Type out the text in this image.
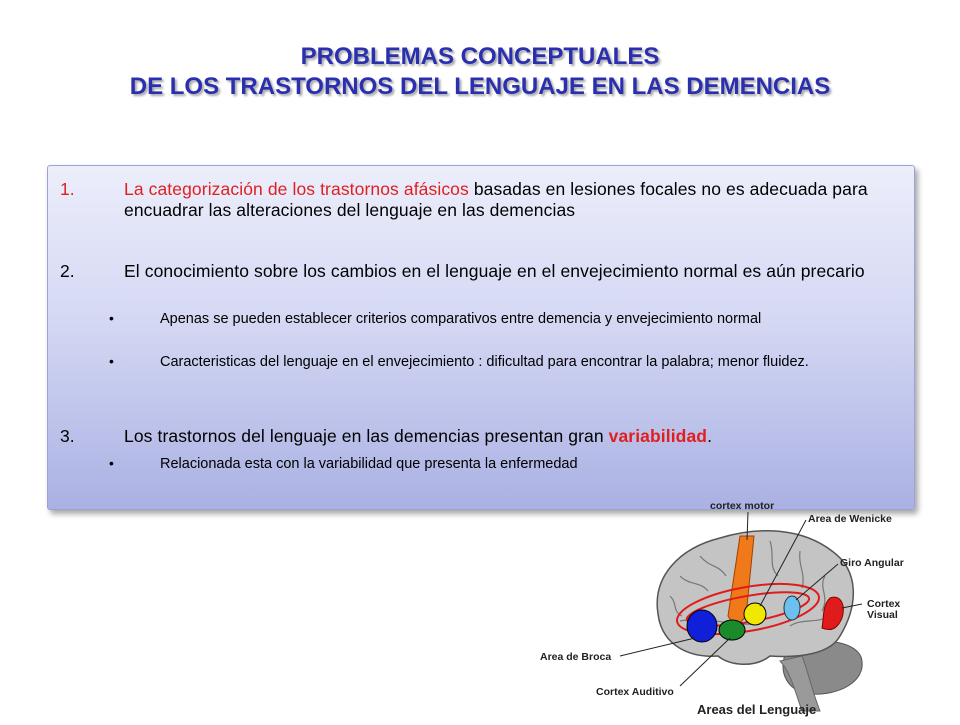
PROBLEMAS CONCEPTUALES
DE LOS TRASTORNOS DEL LENGUAJE EN LAS DEMENCIAS
1.	La categorización de los trastornos afásicos basadas en lesiones focales no es adecuada para encuadrar las alteraciones del lenguaje en las demencias
2.	El conocimiento sobre los cambios en el lenguaje en el envejecimiento normal es aún precario
•	Apenas se pueden establecer criterios comparativos entre demencia y envejecimiento normal
•	Caracteristicas del lenguaje en el envejecimiento : dificultad para encontrar la palabra; menor fluidez.
3.	Los trastornos del lenguaje en las demencias presentan gran variabilidad.
•	Relacionada esta con la variabilidad que presenta la enfermedad
cortex motor
Area de Wenicke
Giro Angular
Cortex
Visual
Area de Broca
Cortex Auditivo
Areas del Lenguaje
